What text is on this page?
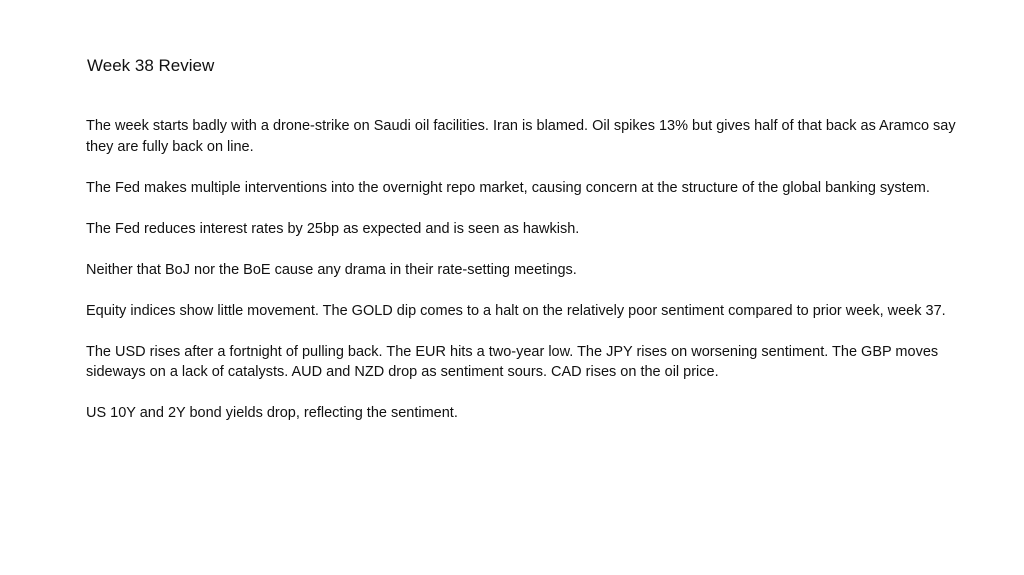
Week 38 Review

The week starts badly with a drone-strike on Saudi oil facilities. Iran is blamed. Oil spikes 13% but gives half of that back as Aramco say they are fully back on line.

The Fed makes multiple interventions into the overnight repo market, causing concern at the structure of the global banking system.

The Fed reduces interest rates by 25bp as expected and is seen as hawkish.

Neither that BoJ nor the BoE cause any drama in their rate-setting meetings.

Equity indices show little movement. The GOLD dip comes to a halt on the relatively poor sentiment compared to prior week, week 37.

The USD rises after a fortnight of pulling back. The EUR hits a two-year low. The JPY rises on worsening sentiment. The GBP moves sideways on a lack of catalysts. AUD and NZD drop as sentiment sours. CAD rises on the oil price.

US 10Y and 2Y bond yields drop, reflecting the sentiment.
